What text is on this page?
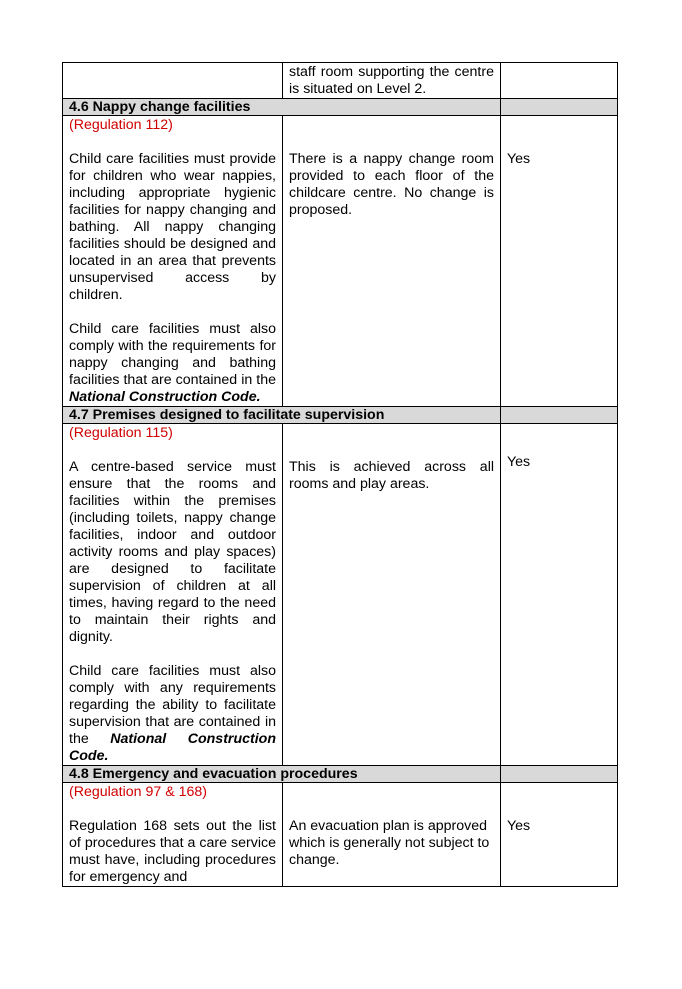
	staff room supporting the centre is situated on Level 2.	
4.6 Nappy change facilities		

(Regulation 112)

Child care facilities must provide for children who wear nappies, including appropriate hygienic facilities for nappy changing and bathing. All nappy changing facilities should be designed and located in an area that prevents unsupervised access by children.

Child care facilities must also comply with the requirements for nappy changing and bathing facilities that are contained in the National Construction Code.	There is a nappy change room provided to each floor of the childcare centre. No change is proposed.	Yes
4.7 Premises designed to facilitate supervision		

(Regulation 115)

A centre-based service must ensure that the rooms and facilities within the premises (including toilets, nappy change facilities, indoor and outdoor activity rooms and play spaces) are designed to facilitate supervision of children at all times, having regard to the need to maintain their rights and dignity.

Child care facilities must also comply with any requirements regarding the ability to facilitate supervision that are contained in the National Construction Code.	This is achieved across all rooms and play areas.	Yes
4.8 Emergency and evacuation procedures		

(Regulation 97 & 168)

Regulation 168 sets out the list of procedures that a care service must have, including procedures for emergency and	An evacuation plan is approved which is generally not subject to change.	Yes
